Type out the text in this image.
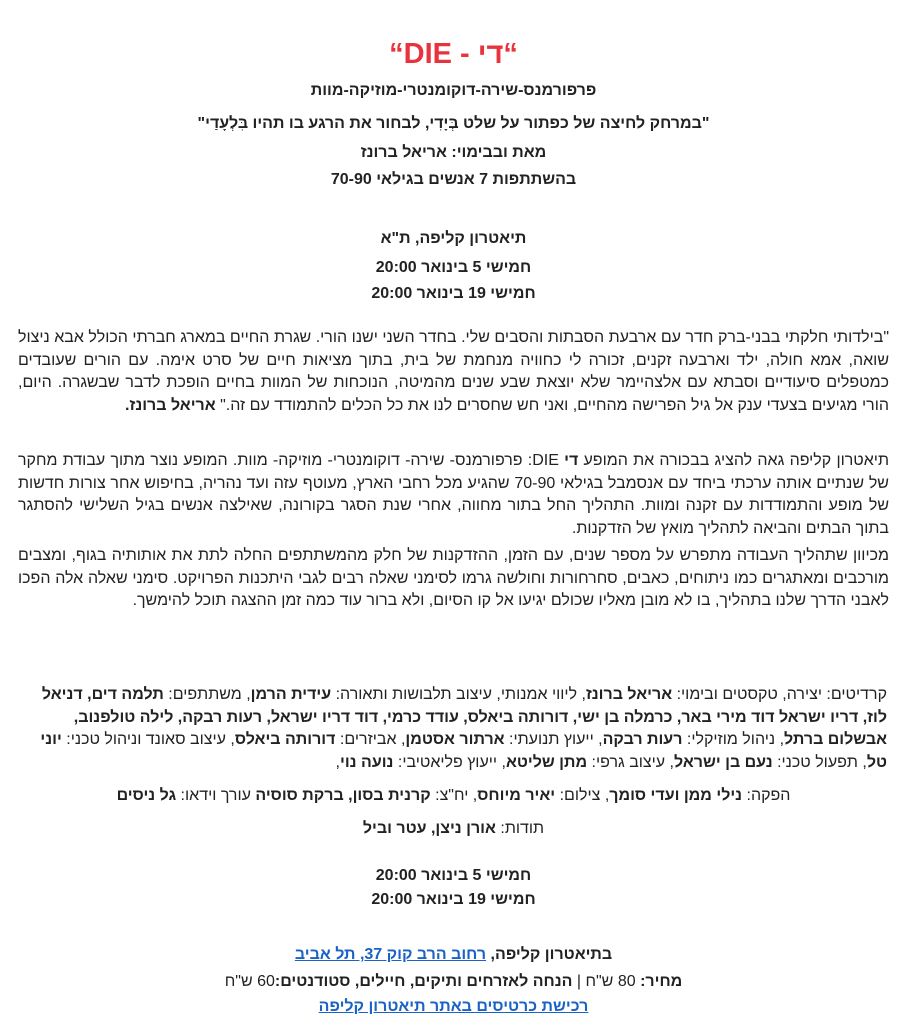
“די - DIE“
פרפורמנס-שירה-דוקומנטרי-מוזיקה-מוות
"במרחק לחיצה של כפתור על שלט בְּיָדִי, לבחור את הרגע בו תהיו בִּלְעָדַי"
מאת ובבימוי: אריאל ברונז
בהשתתפות 7 אנשים בגילאי 70-90
תיאטרון קליפה, ת"א
חמישי 5 בינואר 20:00
חמישי 19 בינואר 20:00
"בילדותי חלקתי בבני-ברק חדר עם ארבעת הסבתות והסבים שלי. בחדר השני ישנו הורי. שגרת החיים במארג חברתי הכולל אבא ניצול שואה, אמא חולה, ילד וארבעה זקנים, זכורה לי כחוויה מנחמת של בית, בתוך מציאות חיים של סרט אימה. עם הורים שעובדים כמטפלים סיעודיים וסבתא עם אלצהיימר שלא יוצאת שבע שנים מהמיטה, הנוכחות של המוות בחיים הופכת לדבר שבשגרה. היום, הורי מגיעים בצעדי ענק אל גיל הפרישה מהחיים, ואני חש שחסרים לנו את כל הכלים להתמודד עם זה." אריאל ברונז.
תיאטרון קליפה גאה להציג בבכורה את המופע די DIE: פרפורמנס- שירה- דוקומנטרי- מוזיקה- מוות. המופע נוצר מתוך עבודת מחקר של שנתיים אותה ערכתי ביחד עם אנסמבל בגילאי 70-90 שהגיע מכל רחבי הארץ, מעוטף עזה ועד נהריה, בחיפוש אחר צורות חדשות של מופע והתמודדות עם זקנה ומוות. התהליך החל בתור מחווה, אחרי שנת הסגר בקורונה, שאילצה אנשים בגיל השלישי להסתגר בתוך הבתים והביאה לתהליך מואץ של הזדקנות.
מכיוון שתהליך העבודה מתפרש על מספר שנים, עם הזמן, ההזדקנות של חלק מהמשתתפים החלה לתת את אותותיה בגוף, ומצבים מורכבים ומאתגרים כמו ניתוחים, כאבים, סחרחורות וחולשה גרמו לסימני שאלה רבים לגבי היתכנות הפרויקט. סימני שאלה אלה הפכו לאבני הדרך שלנו בתהליך, בו לא מובן מאליו שכולם יגיעו אל קו הסיום, ולא ברור עוד כמה זמן ההצגה תוכל להימשך.
קרדיטים: יצירה, טקסטים ובימוי: אריאל ברונז, ליווי אמנותי, עיצוב תלבושות ותאורה: עידית הרמן, משתתפים: תלמה דים, דניאל לוז, דריו ישראל דוד מירי באר, כרמלה בן ישי, דורותה ביאלס, עודד כרמי, דוד דריו ישראל, רעות רבקה, לילה טולפנוב, אבשלום ברתל, ניהול מוזיקלי: רעות רבקה, ייעוץ תנועתי: ארתור אסטמן, אביזרים: דורותה ביאלס, עיצוב סאונד וניהול טכני: יוני טל, תפעול טכני: נעם בן ישראל, עיצוב גרפי: מתן שליטא, ייעוץ פליאטיבי: נועה נוי,
הפקה: נילי ממן ועדי סומך, צילום: יאיר מיוחס, יח"צ: קרנית בסון, ברקת סוסיה עורך וידאו: גל ניסים
תודות: אורן ניצן, עטר וביל
חמישי 5 בינואר 20:00
חמישי 19 בינואר 20:00
בתיאטרון קליפה, רחוב הרב קוק 37, תל אביב
מחיר: 80 ש"ח | הנחה לאזרחים ותיקים, חיילים, סטודנטים:60 ש"ח
רכישת כרטיסים באתר תיאטרון קליפה
